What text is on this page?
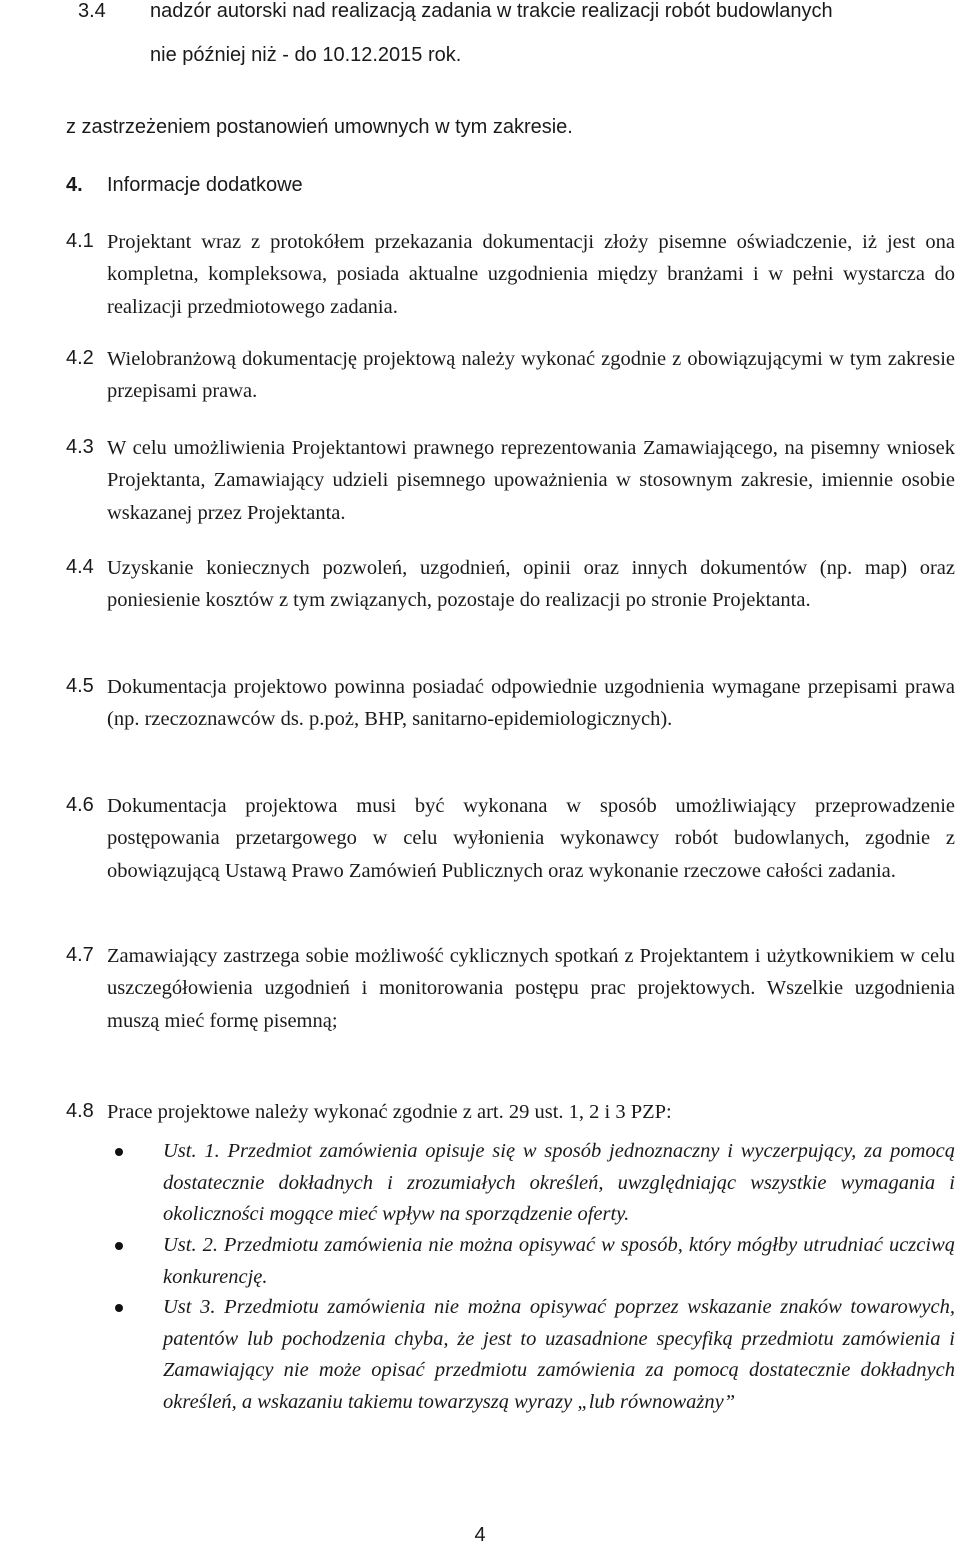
3.4 nadzór autorski nad realizacją zadania w trakcie realizacji robót budowlanych
nie później niż - do 10.12.2015 rok.
z zastrzeżeniem postanowień umownych w tym zakresie.
4. Informacje dodatkowe
4.1 Projektant wraz z protokółem przekazania dokumentacji złoży pisemne oświadczenie, iż jest ona kompletna, kompleksowa, posiada aktualne uzgodnienia między branżami i w pełni wystarcza do realizacji przedmiotowego zadania.
4.2 Wielobranżową dokumentację projektową należy wykonać zgodnie z obowiązującymi w tym zakresie przepisami prawa.
4.3 W celu umożliwienia Projektantowi prawnego reprezentowania Zamawiającego, na pisemny wniosek Projektanta, Zamawiający udzieli pisemnego upoważnienia w stosownym zakresie, imiennie osobie wskazanej przez Projektanta.
4.4 Uzyskanie koniecznych pozwoleń, uzgodnień, opinii oraz innych dokumentów (np. map) oraz poniesienie kosztów z tym związanych, pozostaje do realizacji po stronie Projektanta.
4.5 Dokumentacja projektowo powinna posiadać odpowiednie uzgodnienia wymagane przepisami prawa (np. rzeczoznawców ds. p.poż, BHP, sanitarno-epidemiologicznych).
4.6 Dokumentacja projektowa musi być wykonana w sposób umożliwiający przeprowadzenie postępowania przetargowego w celu wyłonienia wykonawcy robót budowlanych, zgodnie z obowiązującą Ustawą Prawo Zamówień Publicznych oraz wykonanie rzeczowe całości zadania.
4.7 Zamawiający zastrzega sobie możliwość cyklicznych spotkań z Projektantem i użytkownikiem w celu uszczegółowienia uzgodnień i monitorowania postępu prac projektowych. Wszelkie uzgodnienia muszą mieć formę pisemną;
4.8 Prace projektowe należy wykonać zgodnie z art. 29 ust. 1, 2 i 3 PZP:
Ust. 1. Przedmiot zamówienia opisuje się w sposób jednoznaczny i wyczerpujący, za pomocą dostatecznie dokładnych i zrozumiałych określeń, uwzględniając wszystkie wymagania i okoliczności mogące mieć wpływ na sporządzenie oferty.
Ust. 2. Przedmiotu zamówienia nie można opisywać w sposób, który mógłby utrudniać uczciwą konkurencję.
Ust 3. Przedmiotu zamówienia nie można opisywać poprzez wskazanie znaków towarowych, patentów lub pochodzenia chyba, że jest to uzasadnione specyfiką przedmiotu zamówienia i Zamawiający nie może opisać przedmiotu zamówienia za pomocą dostatecznie dokładnych określeń, a wskazaniu takiemu towarzyszą wyrazy „lub równoważny”
4
